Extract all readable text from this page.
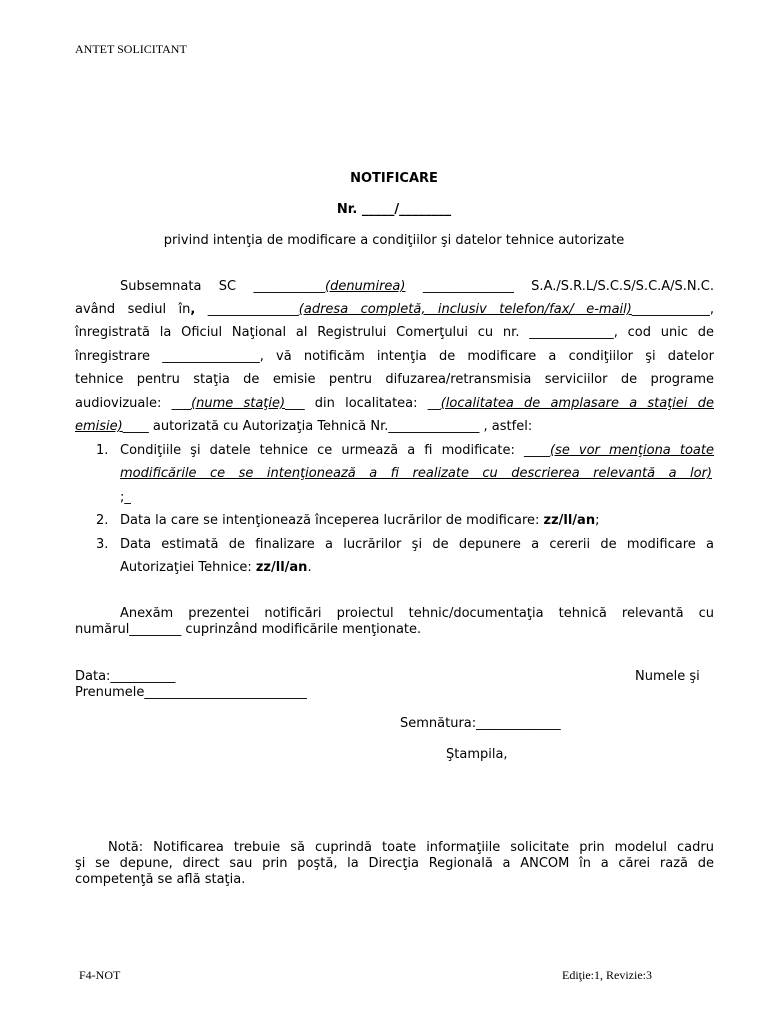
ANTET SOLICITANT
NOTIFICARE
Nr. _____/________
privind intenţia de modificare a condiţiilor şi datelor tehnice autorizate
Subsemnata SC ___________(denumirea) ______________ S.A./S.R.L/S.C.S/S.C.A/S.N.C.
având sediul în, ______________(adresa completă, inclusiv telefon/fax/ e-mail)____________,
înregistrată la Oficiul Naţional al Registrului Comerţului cu nr. _____________, cod unic de
înregistrare _______________, vă notificăm intenţia de modificare a condiţiilor şi datelor
tehnice pentru staţia de emisie pentru difuzarea/retransmisia serviciilor de programe
audiovizuale: ___(nume staţie)___ din localitatea: __(localitatea de amplasare a staţiei de
emisie)____ autorizată cu Autorizaţia Tehnică Nr.______________ , astfel:
1. Condiţiile şi datele tehnice ce urmează a fi modificate: ____(se vor menţiona toate
modificările ce se intenţionează a fi realizate cu descrierea relevantă a lor)
;_
2. Data la care se intenţionează începerea lucrărilor de modificare: zz/ll/an;
3. Data estimată de finalizare a lucrărilor şi de depunere a cererii de modificare a
Autorizaţiei Tehnice: zz/ll/an.
Anexăm prezentei notificări proiectul tehnic/documentaţia tehnică relevantă cu
numărul________ cuprinzând modificările menţionate.
Data:__________	Numele şi
Prenumele_________________________
Semnătura:_____________
Ştampila,
Notă: Notificarea trebuie să cuprindă toate informaţiile solicitate prin modelul cadru
şi se depune, direct sau prin poştă, la Direcţia Regională a ANCOM în a cărei rază de
competenţă se află staţia.
F4-NOT	Ediţie:1, Revizie:3
